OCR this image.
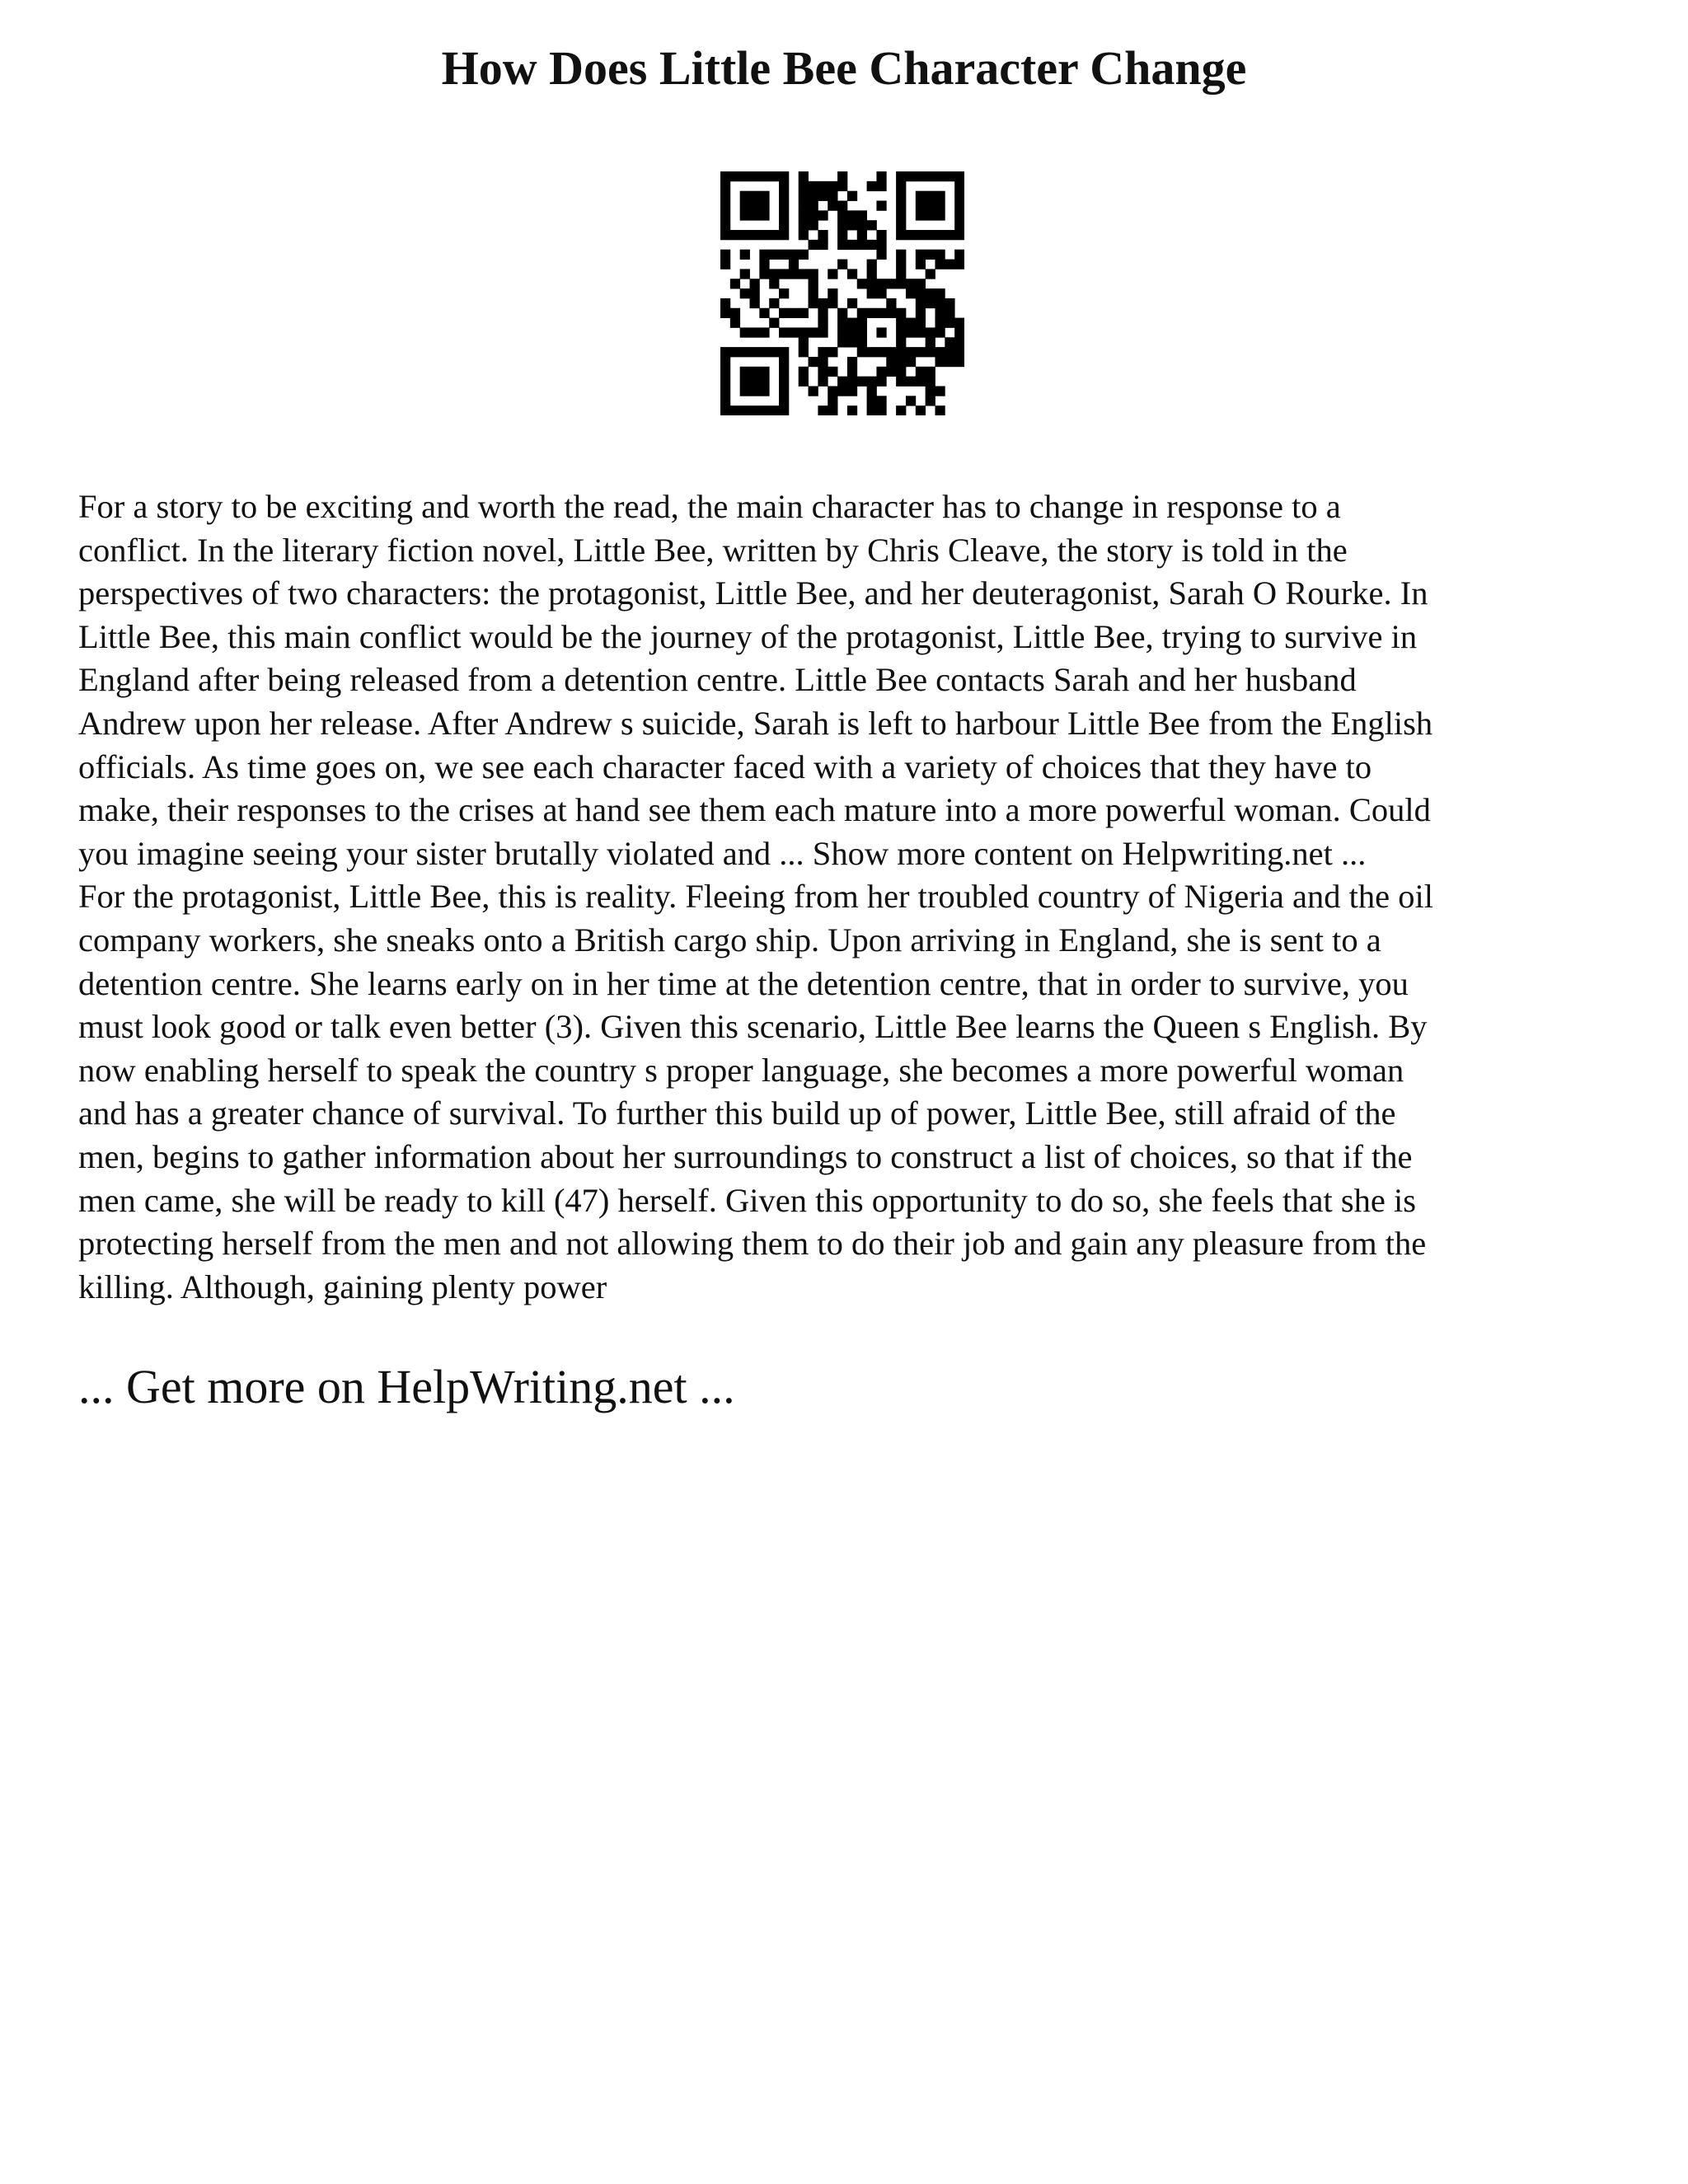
How Does Little Bee Character Change
For a story to be exciting and worth the read, the main character has to change in response to a
conflict. In the literary fiction novel, Little Bee, written by Chris Cleave, the story is told in the
perspectives of two characters: the protagonist, Little Bee, and her deuteragonist, Sarah O Rourke. In
Little Bee, this main conflict would be the journey of the protagonist, Little Bee, trying to survive in
England after being released from a detention centre. Little Bee contacts Sarah and her husband
Andrew upon her release. After Andrew s suicide, Sarah is left to harbour Little Bee from the English
officials. As time goes on, we see each character faced with a variety of choices that they have to
make, their responses to the crises at hand see them each mature into a more powerful woman. Could
you imagine seeing your sister brutally violated and ... Show more content on Helpwriting.net ...
For the protagonist, Little Bee, this is reality. Fleeing from her troubled country of Nigeria and the oil
company workers, she sneaks onto a British cargo ship. Upon arriving in England, she is sent to a
detention centre. She learns early on in her time at the detention centre, that in order to survive, you
must look good or talk even better (3). Given this scenario, Little Bee learns the Queen s English. By
now enabling herself to speak the country s proper language, she becomes a more powerful woman
and has a greater chance of survival. To further this build up of power, Little Bee, still afraid of the
men, begins to gather information about her surroundings to construct a list of choices, so that if the
men came, she will be ready to kill (47) herself. Given this opportunity to do so, she feels that she is
protecting herself from the men and not allowing them to do their job and gain any pleasure from the
killing. Although, gaining plenty power
... Get more on HelpWriting.net ...
